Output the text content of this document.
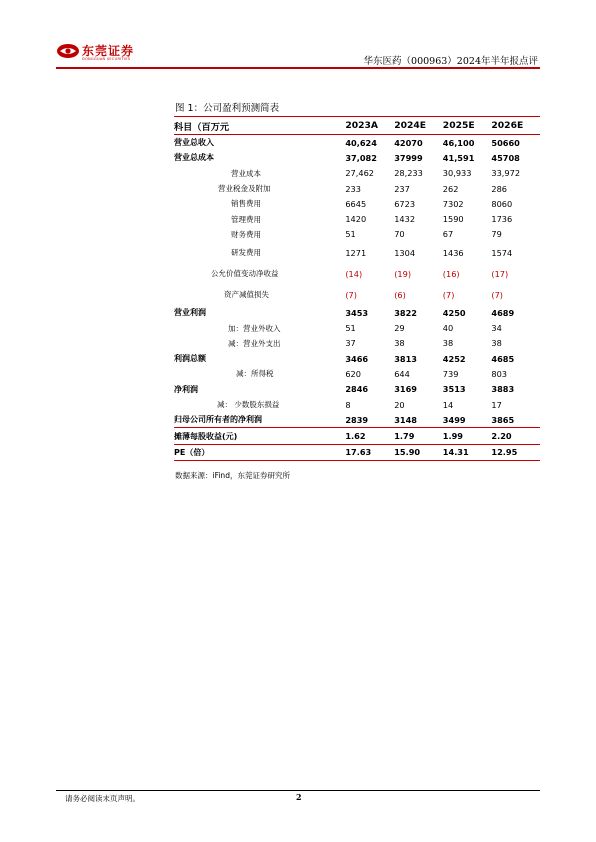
东莞证券
DONGGUAN SECURITIES	华东医药（000963）2024年半年报点评
图 1：公司盈利预测简表
科目（百万元	2023A	2024E	2025E	2026E
营业总收入	40,624	42070	46,100	50660
营业总成本	37,082	37999	41,591	45708
营业成本	27,462	28,233	30,933	33,972
营业税金及附加	233	237	262	286
销售费用	6645	6723	7302	8060
管理费用	1420	1432	1590	1736
财务费用	51	70	67	79
研发费用	1271	1304	1436	1574
公允价值变动净收益	(14)	(19)	(16)	(17)
资产减值损失	(7)	(6)	(7)	(7)
营业利润	3453	3822	4250	4689
加：营业外收入	51	29	40	34
减：营业外支出	37	38	38	38
利润总额	3466	3813	4252	4685
减：所得税	620	644	739	803
净利润	2846	3169	3513	3883
减： 少数股东损益	8	20	14	17
归母公司所有者的净利润	2839	3148	3499	3865
摊薄每股收益(元)	1.62	1.79	1.99	2.20
PE（倍）	17.63	15.90	14.31	12.95
数据来源：iFind，东莞证券研究所
请务必阅读末页声明。	2
